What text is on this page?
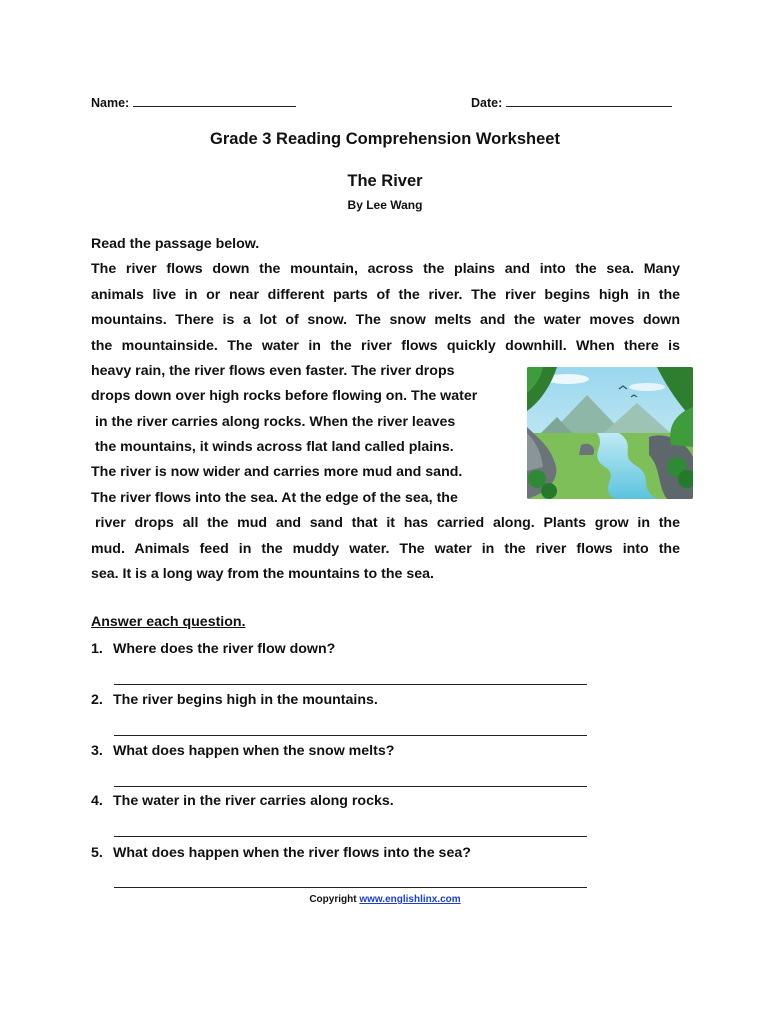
Name:	Date:
Grade 3 Reading Comprehension Worksheet
The River
By Lee Wang
Read the passage below.
The river flows down the mountain, across the plains and into the sea. Many
animals live in or near different parts of the river. The river begins high in the
mountains. There is a lot of snow. The snow melts and the water moves down
the mountainside. The water in the river flows quickly downhill. When there is
heavy rain, the river flows even faster. The river drops
drops down over high rocks before flowing on. The water
in the river carries along rocks. When the river leaves
the mountains, it winds across flat land called plains.
The river is now wider and carries more mud and sand.
The river flows into the sea. At the edge of the sea, the
river drops all the mud and sand that it has carried along. Plants grow in the
mud. Animals feed in the muddy water. The water in the river flows into the
sea. It is a long way from the mountains to the sea.
Answer each question.
1. Where does the river flow down?
2. The river begins high in the mountains.
3. What does happen when the snow melts?
4. The water in the river carries along rocks.
5. What does happen when the river flows into the sea?
Copyright www.englishlinx.com
